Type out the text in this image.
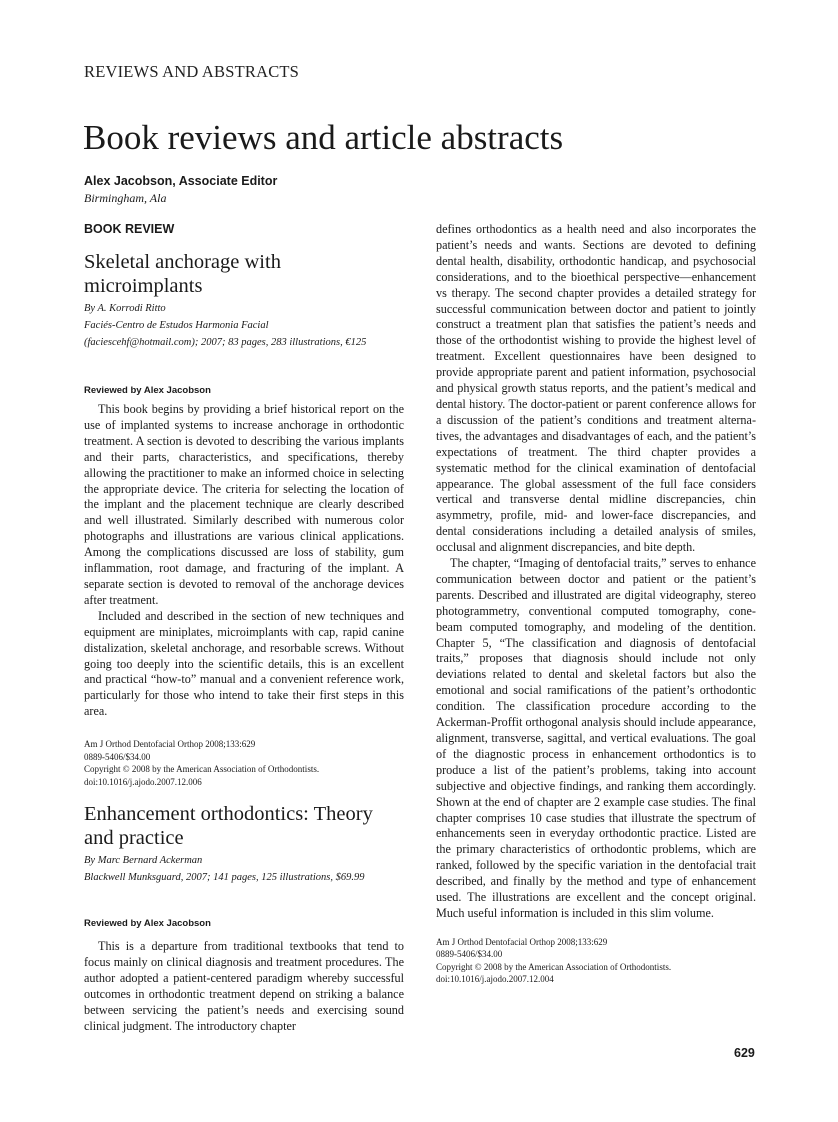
REVIEWS AND ABSTRACTS
Book reviews and article abstracts
Alex Jacobson, Associate Editor
Birmingham, Ala
BOOK REVIEW
Skeletal anchorage with microimplants
By A. Korrodi Ritto
Faciés-Centro de Estudos Harmonia Facial
(faciescehf@hotmail.com); 2007; 83 pages, 283 illustrations, €125
Reviewed by Alex Jacobson

This book begins by providing a brief historical report on the use of implanted systems to increase anchorage in orthodontic treatment. A section is devoted to describing the various implants and their parts, characteristics, and specifications, thereby allowing the practitioner to make an informed choice in selecting the appropriate device. The criteria for selecting the location of the implant and the placement technique are clearly described and well illustrated. Similarly described with numerous color photographs and illustrations are various clinical applications. Among the complications discussed are loss of stability, gum inflammation, root damage, and fracturing of the implant. A separate section is devoted to removal of the anchorage devices after treatment.

Included and described in the section of new techniques and equipment are miniplates, microimplants with cap, rapid canine distalization, skeletal anchorage, and resorbable screws. Without going too deeply into the scientific details, this is an excellent and practical “how-to” manual and a convenient reference work, particularly for those who intend to take their first steps in this area.

Am J Orthod Dentofacial Orthop 2008;133:629
0889-5406/$34.00
Copyright © 2008 by the American Association of Orthodontists.
doi:10.1016/j.ajodo.2007.12.006
Enhancement orthodontics: Theory and practice
By Marc Bernard Ackerman
Blackwell Munksguard, 2007; 141 pages, 125 illustrations, $69.99
Reviewed by Alex Jacobson

This is a departure from traditional textbooks that tend to focus mainly on clinical diagnosis and treatment procedures. The author adopted a patient-centered paradigm whereby successful outcomes in orthodontic treatment depend on striking a balance between servicing the patient’s needs and exercising sound clinical judgment. The introductory chapter

defines orthodontics as a health need and also incorporates the patient’s needs and wants. Sections are devoted to defining dental health, disability, orthodontic handicap, and psychosocial considerations, and to the bioethical perspective—enhancement vs therapy. The second chapter provides a detailed strategy for successful communication between doctor and patient to jointly construct a treatment plan that satisfies the patient’s needs and those of the orthodontist wishing to provide the highest level of treatment. Excellent questionnaires have been designed to provide appropriate parent and patient information, psychosocial and physical growth status reports, and the patient’s medical and dental history. The doctor-patient or parent conference allows for a discussion of the patient’s conditions and treatment alternatives, the advantages and disadvantages of each, and the patient’s expectations of treatment. The third chapter provides a systematic method for the clinical examination of dentofacial appearance. The global assessment of the full face considers vertical and transverse dental midline discrepancies, chin asymmetry, profile, mid- and lower-face discrepancies, and dental considerations including a detailed analysis of smiles, occlusal and alignment discrepancies, and bite depth.

The chapter, “Imaging of dentofacial traits,” serves to enhance communication between doctor and patient or the patient’s parents. Described and illustrated are digital videography, stereo photogrammetry, conventional computed tomography, cone-beam computed tomography, and modeling of the dentition. Chapter 5, “The classification and diagnosis of dentofacial traits,” proposes that diagnosis should include not only deviations related to dental and skeletal factors but also the emotional and social ramifications of the patient’s orthodontic condition. The classification procedure according to the Ackerman-Proffit orthogonal analysis should include appearance, alignment, transverse, sagittal, and vertical evaluations. The goal of the diagnostic process in enhancement orthodontics is to produce a list of the patient’s problems, taking into account subjective and objective findings, and ranking them accordingly. Shown at the end of chapter are 2 example case studies. The final chapter comprises 10 case studies that illustrate the spectrum of enhancements seen in everyday orthodontic practice. Listed are the primary characteristics of orthodontic problems, which are ranked, followed by the specific variation in the dentofacial trait described, and finally by the method and type of enhancement used. The illustrations are excellent and the concept original. Much useful information is included in this slim volume.

Am J Orthod Dentofacial Orthop 2008;133:629
0889-5406/$34.00
Copyright © 2008 by the American Association of Orthodontists.
doi:10.1016/j.ajodo.2007.12.004
629
